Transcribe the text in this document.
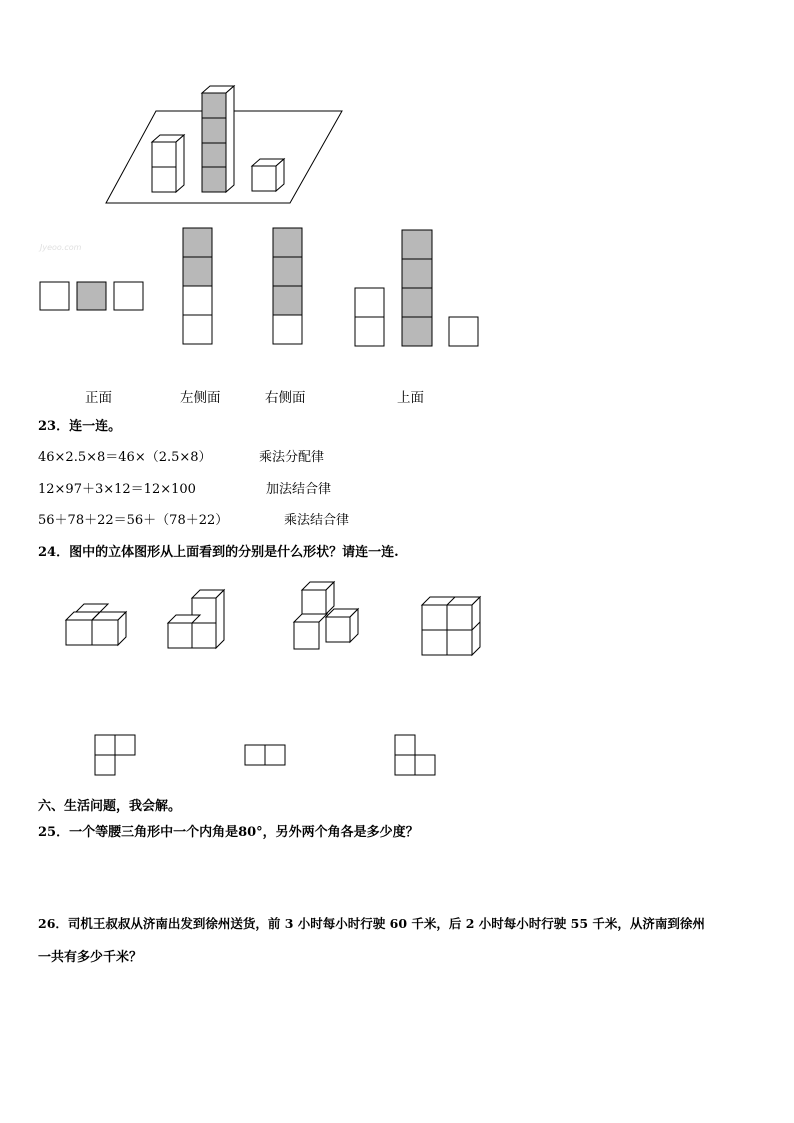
Jyeoo.com
正面	左侧面	右侧面	上面
23．连一连。
46×2.5×8＝46×（2.5×8）	乘法分配律
12×97＋3×12＝12×100	加法结合律
56＋78＋22＝56＋（78＋22）	乘法结合律
24．图中的立体图形从上面看到的分别是什么形状？请连一连.
六、生活问题，我会解。
25．一个等腰三角形中一个内角是80°，另外两个角各是多少度？
26．司机王叔叔从济南出发到徐州送货，前 3 小时每小时行驶 60 千米，后 2 小时每小时行驶 55 千米，从济南到徐州
一共有多少千米？
